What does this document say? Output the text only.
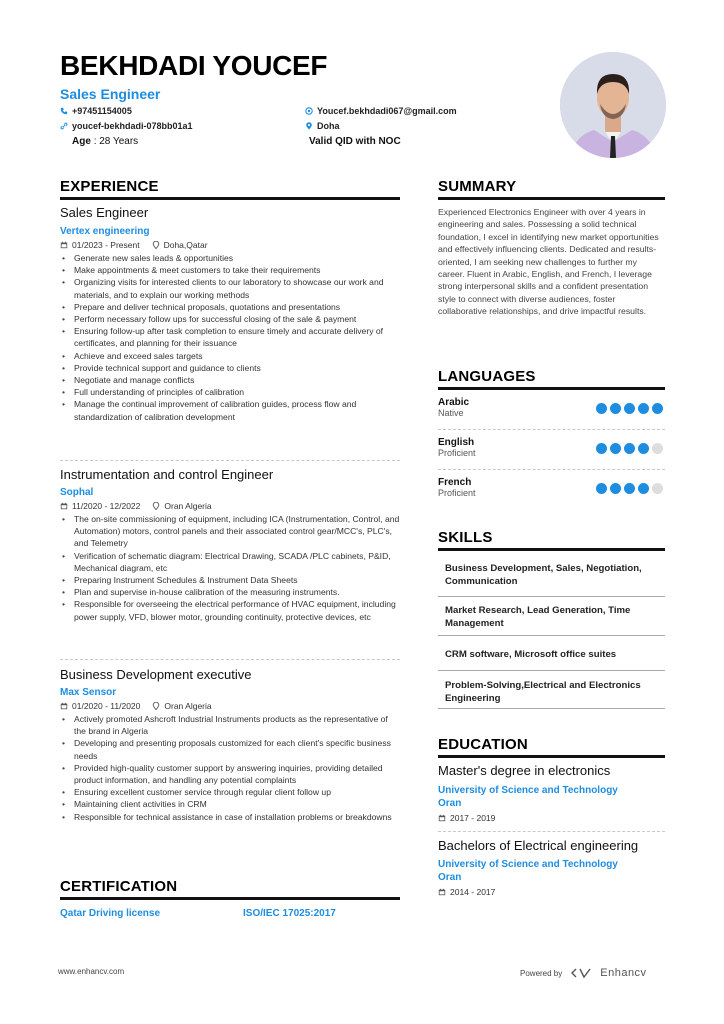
BEKHDADI YOUCEF
Sales Engineer
+97451154005	Youcef.bekhdadi067@gmail.com
youcef-bekhdadi-078bb01a1	Doha
Age : 28 Years	Valid QID with NOC
EXPERIENCE
Sales Engineer
Vertex engineering
01/2023 - Present	Doha,Qatar
• Generate new sales leads & opportunities
• Make appointments & meet customers to take their requirements
• Organizing visits for interested clients to our laboratory to showcase our work and materials, and to explain our working methods
• Prepare and deliver technical proposals, quotations and presentations
• Perform necessary follow ups for successful closing of the sale & payment
• Ensuring follow-up after task completion to ensure timely and accurate delivery of certificates, and planning for their issuance
• Achieve and exceed sales targets
• Provide technical support and guidance to clients
• Negotiate and manage conflicts
• Full understanding of principles of calibration
• Manage the continual improvement of calibration guides, process flow and standardization of calibration development
Instrumentation and control Engineer
Sophal
11/2020 - 12/2022	Oran Algeria
• The on-site commissioning of equipment, including ICA (Instrumentation, Control, and Automation) motors, control panels and their associated control gear/MCC's, PLC's, and Telemetry
• Verification of schematic diagram: Electrical Drawing, SCADA /PLC cabinets, P&ID, Mechanical diagram, etc
• Preparing Instrument Schedules & Instrument Data Sheets
• Plan and supervise in-house calibration of the measuring instruments.
• Responsible for overseeing the electrical performance of HVAC equipment, including power supply, VFD, blower motor, grounding continuity, protective devices, etc
Business Development executive
Max Sensor
01/2020 - 11/2020	Oran Algeria
• Actively promoted Ashcroft Industrial Instruments products as the representative of the brand in Algeria
• Developing and presenting proposals customized for each client's specific business needs
• Provided high-quality customer support by answering inquiries, providing detailed product information, and handling any potential complaints
• Ensuring excellent customer service through regular client follow up
• Maintaining client activities in CRM
• Responsible for technical assistance in case of installation problems or breakdowns
CERTIFICATION
Qatar Driving license	ISO/IEC 17025:2017
SUMMARY
Experienced Electronics Engineer with over 4 years in engineering and sales. Possessing a solid technical foundation, I excel in identifying new market opportunities and effectively influencing clients. Dedicated and results-oriented, I am seeking new challenges to further my career. Fluent in Arabic, English, and French, I leverage strong interpersonal skills and a confident presentation style to connect with diverse audiences, foster collaborative relationships, and drive impactful results.
LANGUAGES
Arabic
Native
English
Proficient
French
Proficient
SKILLS
Business Development, Sales, Negotiation, Communication
Market Research, Lead Generation, Time Management
CRM software, Microsoft office suites
Problem-Solving,Electrical and Electronics Engineering
EDUCATION
Master's degree in electronics
University of Science and Technology Oran
2017 - 2019
Bachelors of Electrical engineering
University of Science and Technology Oran
2014 - 2017
www.enhancv.com	Powered by	Enhancv
